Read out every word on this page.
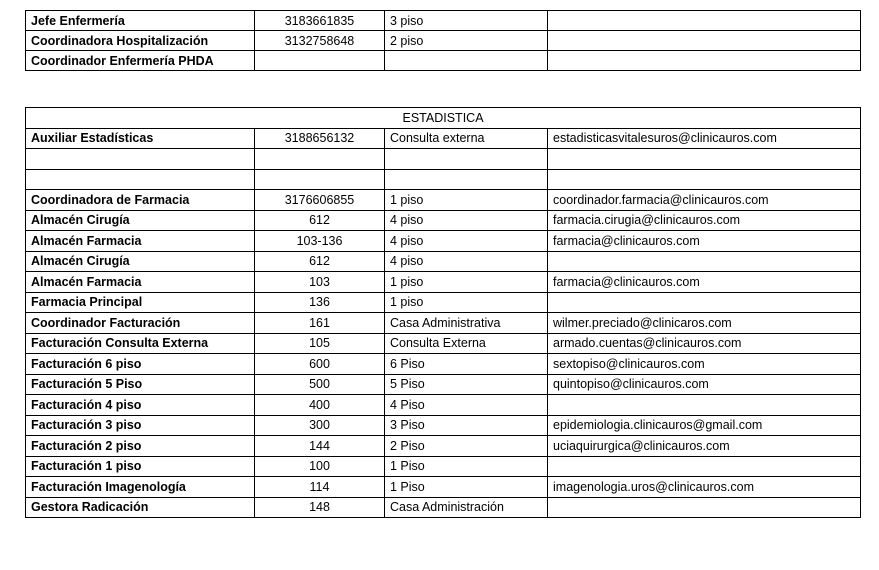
Jefe Enfermería	3183661835	3 piso	
Coordinadora Hospitalización	3132758648	2 piso	
Coordinador Enfermería PHDA			
ESTADISTICA			
Auxiliar Estadísticas	3188656132	Consulta externa	estadisticasvitalesuros@clinicauros.com

Coordinadora de Farmacia	3176606855	1 piso	coordinador.farmacia@clinicauros.com
Almacén Cirugía	612	4 piso	farmacia.cirugia@clinicauros.com
Almacén Farmacia	103-136	4 piso	farmacia@clinicauros.com
Almacén Cirugía	612	4 piso	
Almacén Farmacia	103	1 piso	farmacia@clinicauros.com
Farmacia Principal	136	1 piso	
Coordinador Facturación	161	Casa Administrativa	wilmer.preciado@clinicaros.com
Facturación Consulta Externa	105	Consulta Externa	armado.cuentas@clinicauros.com
Facturación 6 piso	600	6 Piso	sextopiso@clinicauros.com
Facturación 5 Piso	500	5 Piso	quintopiso@clinicauros.com
Facturación 4 piso	400	4 Piso	
Facturación 3 piso	300	3 Piso	epidemiologia.clinicauros@gmail.com
Facturación 2 piso	144	2 Piso	uciaquirurgica@clinicauros.com
Facturación 1 piso	100	1 Piso	
Facturación Imagenología	114	1 Piso	imagenologia.uros@clinicauros.com
Gestora Radicación	148	Casa Administración	
